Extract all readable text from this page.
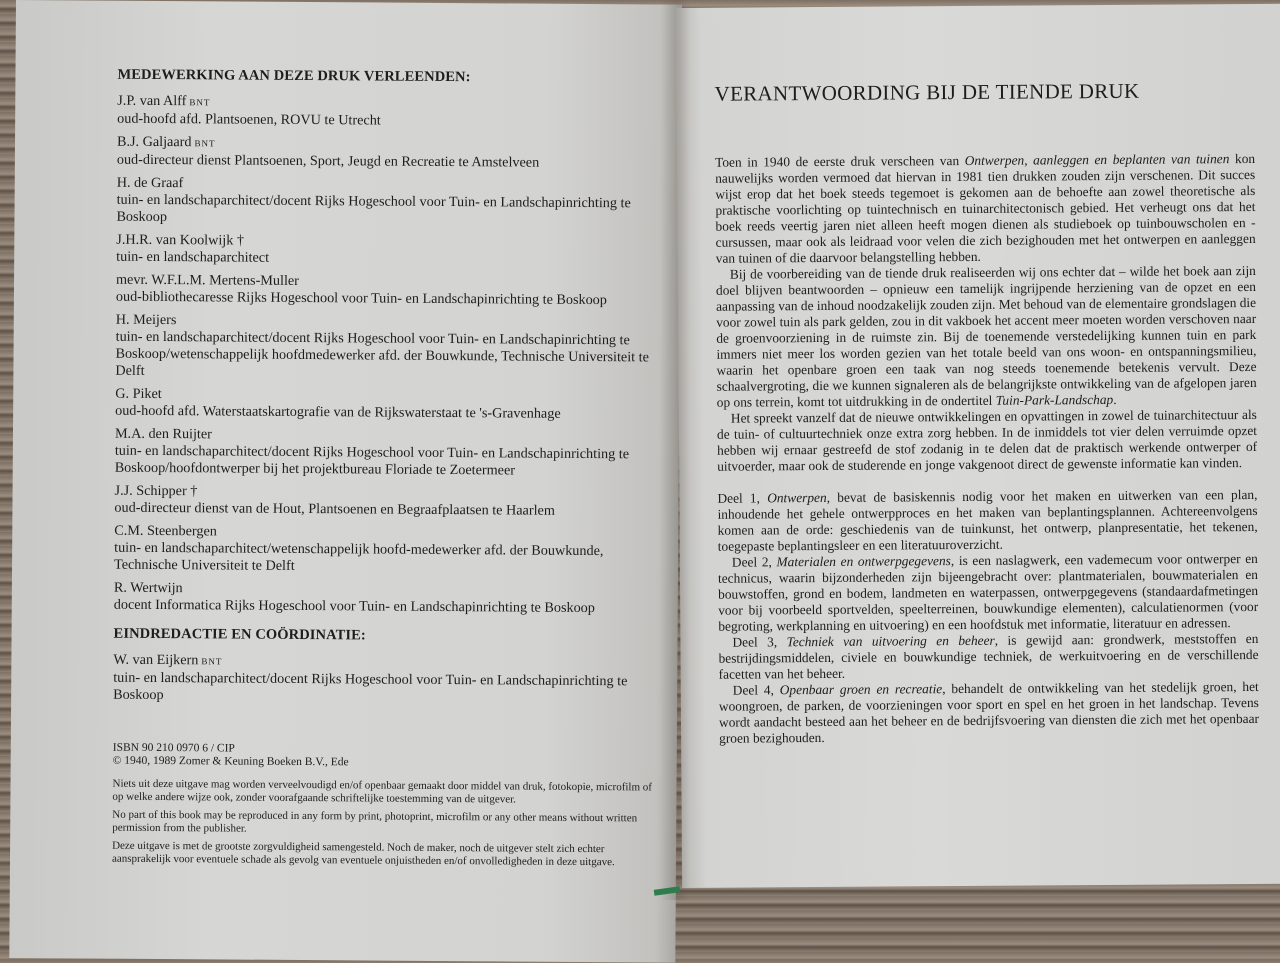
MEDEWERKING AAN DEZE DRUK VERLEENDEN:
J.P. van Alff BNT
oud-hoofd afd. Plantsoenen, ROVU te Utrecht
B.J. Galjaard BNT
oud-directeur dienst Plantsoenen, Sport, Jeugd en Recreatie te Amstelveen
H. de Graaf
tuin- en landschaparchitect/docent Rijks Hogeschool voor Tuin- en Landschapinrichting te Boskoop
J.H.R. van Koolwijk †
tuin- en landschaparchitect
mevr. W.F.L.M. Mertens-Muller
oud-bibliothecaresse Rijks Hogeschool voor Tuin- en Landschapinrichting te Boskoop
H. Meijers
tuin- en landschaparchitect/docent Rijks Hogeschool voor Tuin- en Landschapinrichting te Boskoop/wetenschappelijk hoofdmedewerker afd. der Bouwkunde, Technische Universiteit te Delft
G. Piket
oud-hoofd afd. Waterstaatskartografie van de Rijkswaterstaat te 's-Gravenhage
M.A. den Ruijter
tuin- en landschaparchitect/docent Rijks Hogeschool voor Tuin- en Landschapinrichting te Boskoop/hoofdontwerper bij het projektbureau Floriade te Zoetermeer
J.J. Schipper †
oud-directeur dienst van de Hout, Plantsoenen en Begraafplaatsen te Haarlem
C.M. Steenbergen
tuin- en landschaparchitect/wetenschappelijk hoofd-medewerker afd. der Bouwkunde, Technische Universiteit te Delft
R. Wertwijn
docent Informatica Rijks Hogeschool voor Tuin- en Landschapinrichting te Boskoop
EINDREDACTIE EN COÖRDINATIE:
W. van Eijkern BNT
tuin- en landschaparchitect/docent Rijks Hogeschool voor Tuin- en Landschapinrichting te Boskoop
ISBN 90 210 0970 6 / CIP
© 1940, 1989 Zomer & Keuning Boeken B.V., Ede

Niets uit deze uitgave mag worden verveelvoudigd en/of openbaar gemaakt door middel van druk, fotokopie, microfilm of op welke andere wijze ook, zonder voorafgaande schriftelijke toestemming van de uitgever.

No part of this book may be reproduced in any form by print, photoprint, microfilm or any other means without written permission from the publisher.

Deze uitgave is met de grootste zorgvuldigheid samengesteld. Noch de maker, noch de uitgever stelt zich echter aansprakelijk voor eventuele schade als gevolg van eventuele onjuistheden en/of onvolledigheden in deze uitgave.

VERANTWOORDING BIJ DE TIENDE DRUK

Toen in 1940 de eerste druk verscheen van Ontwerpen, aanleggen en beplanten van tuinen kon nauwelijks worden vermoed dat hiervan in 1981 tien drukken zouden zijn verschenen. Dit succes wijst erop dat het boek steeds tegemoet is gekomen aan de behoefte aan zowel theoretische als praktische voorlichting op tuintechnisch en tuinarchitectonisch gebied. Het verheugt ons dat het boek reeds veertig jaren niet alleen heeft mogen dienen als studieboek op tuinbouwscholen en -cursussen, maar ook als leidraad voor velen die zich bezighouden met het ontwerpen en aanleggen van tuinen of die daarvoor belangstelling hebben.

Bij de voorbereiding van de tiende druk realiseerden wij ons echter dat – wilde het boek aan zijn doel blijven beantwoorden – opnieuw een tamelijk ingrijpende herziening van de opzet en een aanpassing van de inhoud noodzakelijk zouden zijn. Met behoud van de elementaire grondslagen die voor zowel tuin als park gelden, zou in dit vakboek het accent meer moeten worden verschoven naar de groenvoorziening in de ruimste zin. Bij de toenemende verstedelijking kunnen tuin en park immers niet meer los worden gezien van het totale beeld van ons woon- en ontspanningsmilieu, waarin het openbare groen een taak van nog steeds toenemende betekenis vervult. Deze schaalvergroting, die we kunnen signaleren als de belangrijkste ontwikkeling van de afgelopen jaren op ons terrein, komt tot uitdrukking in de ondertitel Tuin-Park-Landschap.

Het spreekt vanzelf dat de nieuwe ontwikkelingen en opvattingen in zowel de tuinarchitectuur als de tuin- of cultuurtechniek onze extra zorg hebben. In de inmiddels tot vier delen verruimde opzet hebben wij ernaar gestreefd de stof zodanig in te delen dat de praktisch werkende ontwerper of uitvoerder, maar ook de studerende en jonge vakgenoot direct de gewenste informatie kan vinden.

Deel 1, Ontwerpen, bevat de basiskennis nodig voor het maken en uitwerken van een plan, inhoudende het gehele ontwerpproces en het maken van beplantingsplannen. Achtereenvolgens komen aan de orde: geschiedenis van de tuinkunst, het ontwerp, planpresentatie, het tekenen, toegepaste beplantingsleer en een literatuuroverzicht.

Deel 2, Materialen en ontwerpgegevens, is een naslagwerk, een vademecum voor ontwerper en technicus, waarin bijzonderheden zijn bijeengebracht over: plantmaterialen, bouwmaterialen en bouwstoffen, grond en bodem, landmeten en waterpassen, ontwerpgegevens (standaardafmetingen voor bij voorbeeld sportvelden, speelterreinen, bouwkundige elementen), calculatienormen (voor begroting, werkplanning en uitvoering) en een hoofdstuk met informatie, literatuur en adressen.

Deel 3, Techniek van uitvoering en beheer, is gewijd aan: grondwerk, meststoffen en bestrijdingsmiddelen, civiele en bouwkundige techniek, de werkuitvoering en de verschillende facetten van het beheer.

Deel 4, Openbaar groen en recreatie, behandelt de ontwikkeling van het stedelijk groen, het woongroen, de parken, de voorzieningen voor sport en spel en het groen in het landschap. Tevens wordt aandacht besteed aan het beheer en de bedrijfsvoering van diensten die zich met het openbaar groen bezighouden.
